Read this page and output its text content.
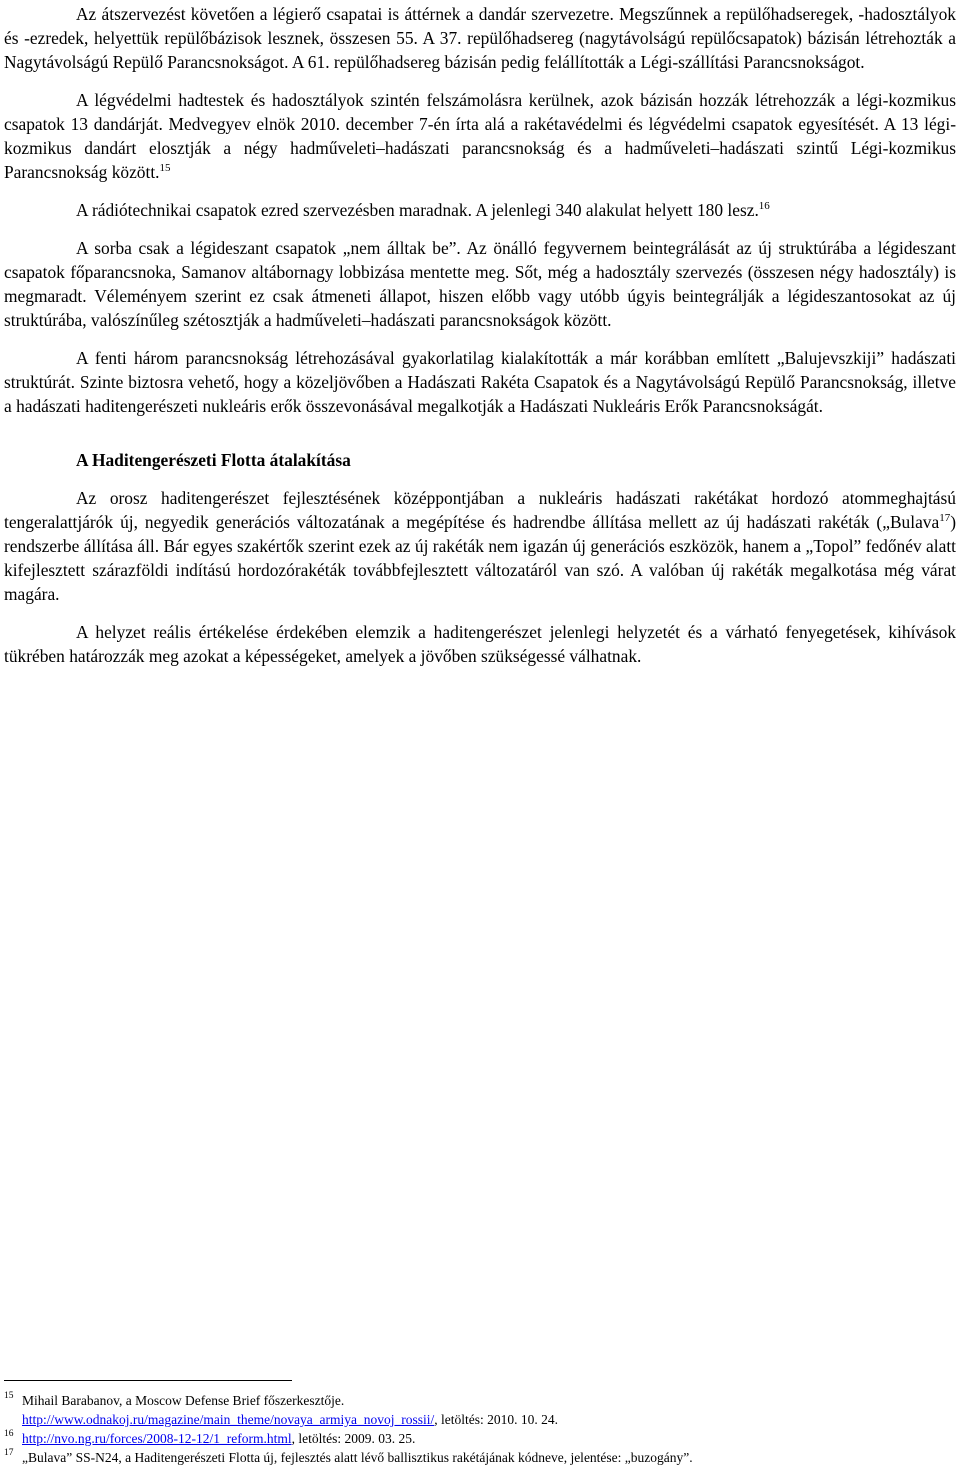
Az átszervezést követően a légierő csapatai is áttérnek a dandár szervezetre. Megszűnnek a repülőhadseregek, -hadosztályok és -ezredek, helyettük repülőbázisok lesznek, összesen 55. A 37. repülőhadsereg (nagytávolságú repülőcsapatok) bázisán létrehozták a Nagytávolságú Repülő Parancsnokságot. A 61. repülőhadsereg bázisán pedig felállították a Légi-szállítási Parancsnokságot.

A légvédelmi hadtestek és hadosztályok szintén felszámolásra kerülnek, azok bázisán hozzák létrehozzák a légi-kozmikus csapatok 13 dandárját. Medvegyev elnök 2010. december 7-én írta alá a rakétavédelmi és légvédelmi csapatok egyesítését. A 13 légi-kozmikus dandárt elosztják a négy hadműveleti–hadászati parancsnokság és a hadműveleti–hadászati szintű Légi-kozmikus Parancsnokság között.$^{15}$

A rádiótechnikai csapatok ezred szervezésben maradnak. A jelenlegi 340 alakulat helyett 180 lesz.$^{16}$

A sorba csak a légideszant csapatok „nem álltak be”. Az önálló fegyvernem beintegrálását az új struktúrába a légideszant csapatok főparancsnoka, Samanov altábornagy lobbizása mentette meg. Sőt, még a hadosztály szervezés (összesen négy hadosztály) is megmaradt. Véleményem szerint ez csak átmeneti állapot, hiszen előbb vagy utóbb úgyis beintegrálják a légideszantosokat az új struktúrába, valószínűleg szétosztják a hadműveleti–hadászati parancsnokságok között.

A fenti három parancsnokság létrehozásával gyakorlatilag kialakították a már korábban említett „Balujevszkiji” hadászati struktúrát. Szinte biztosra vehető, hogy a közeljövőben a Hadászati Rakéta Csapatok és a Nagytávolságú Repülő Parancsnokság, illetve a hadászati haditengerészeti nukleáris erők összevonásával megalkotják a Hadászati Nukleáris Erők Parancsnokságát.

A Haditengerészeti Flotta átalakítása

Az orosz haditengerészet fejlesztésének középpontjában a nukleáris hadászati rakétákat hordozó atommeghajtású tengeralattjárók új, negyedik generációs változatának a megépítése és hadrendbe állítása mellett az új hadászati rakéták („Bulava$^{17}$) rendszerbe állítása áll. Bár egyes szakértők szerint ezek az új rakéták nem igazán új generációs eszközök, hanem a „Topol” fedőnév alatt kifejlesztett szárazföldi indítású hordozórakéták továbbfejlesztett változatáról van szó. A valóban új rakéták megalkotása még várat magára.

A helyzet reális értékelése érdekében elemzik a haditengerészet jelenlegi helyzetét és a várható fenyegetések, kihívások tükrében határozzák meg azokat a képességeket, amelyek a jövőben szükségessé válhatnak.

15 Mihail Barabanov, a Moscow Defense Brief főszerkesztője.
http://www.odnakoj.ru/magazine/main_theme/novaya_armiya_novoj_rossii/, letöltés: 2010. 10. 24.
16 http://nvo.ng.ru/forces/2008-12-12/1_reform.html, letöltés: 2009. 03. 25.
17 „Bulava” SS-N24, a Haditengerészeti Flotta új, fejlesztés alatt lévő ballisztikus rakétájának kódneve, jelentése: „buzogány”.
